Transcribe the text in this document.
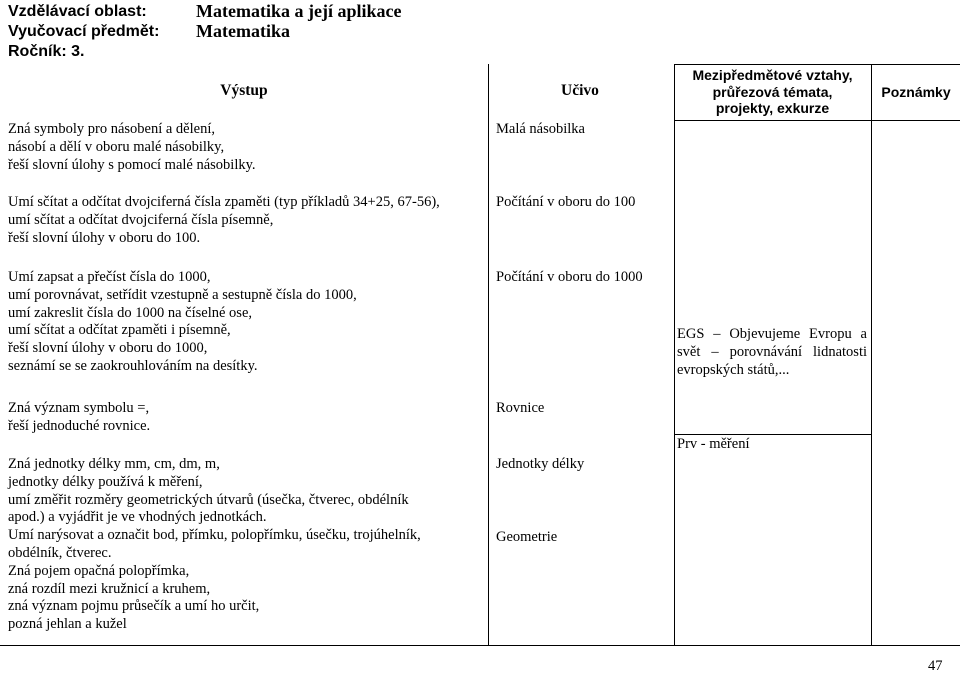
Vzdělávací oblast:	Matematika a její aplikace
Vyučovací předmět: Matematika
Ročník: 3.
Výstup	Učivo
Mezipředmětové vztahy,
průřezová témata,
projekty, exkurze
Poznámky
Zná symboly pro násobení a dělení,
násobí a dělí v oboru malé násobilky,
řeší slovní úlohy s pomocí malé násobilky.
Malá násobilka
Umí sčítat a odčítat dvojciferná čísla zpaměti (typ příkladů 34+25, 67-56),
umí sčítat a odčítat dvojciferná čísla písemně,
řeší slovní úlohy v oboru do 100.
Počítání v oboru do 100
Umí zapsat a přečíst čísla do 1000,
umí porovnávat, setřídit vzestupně a sestupně čísla do 1000,
umí zakreslit čísla do 1000 na číselné ose,
umí sčítat a odčítat zpaměti i písemně,
řeší slovní úlohy v oboru do 1000,
seznámí se se zaokrouhlováním na desítky.
Počítání v oboru do 1000
EGS – Objevujeme Evropu a svět – porovnávání lidnatosti evropských států,...
Zná význam symbolu =,
řeší jednoduché rovnice.
Rovnice
Prv - měření
Zná jednotky délky mm, cm, dm, m,
jednotky délky používá k měření,
umí změřit rozměry geometrických útvarů (úsečka, čtverec, obdélník
apod.) a vyjádřit je ve vhodných jednotkách.
Umí narýsovat a označit bod, přímku, polopřímku, úsečku, trojúhelník,
obdélník, čtverec.
Zná pojem opačná polopřímka,
zná rozdíl mezi kružnicí a kruhem,
zná význam pojmu průsečík a umí ho určit,
pozná jehlan a kužel
Jednotky délky
Geometrie
47
